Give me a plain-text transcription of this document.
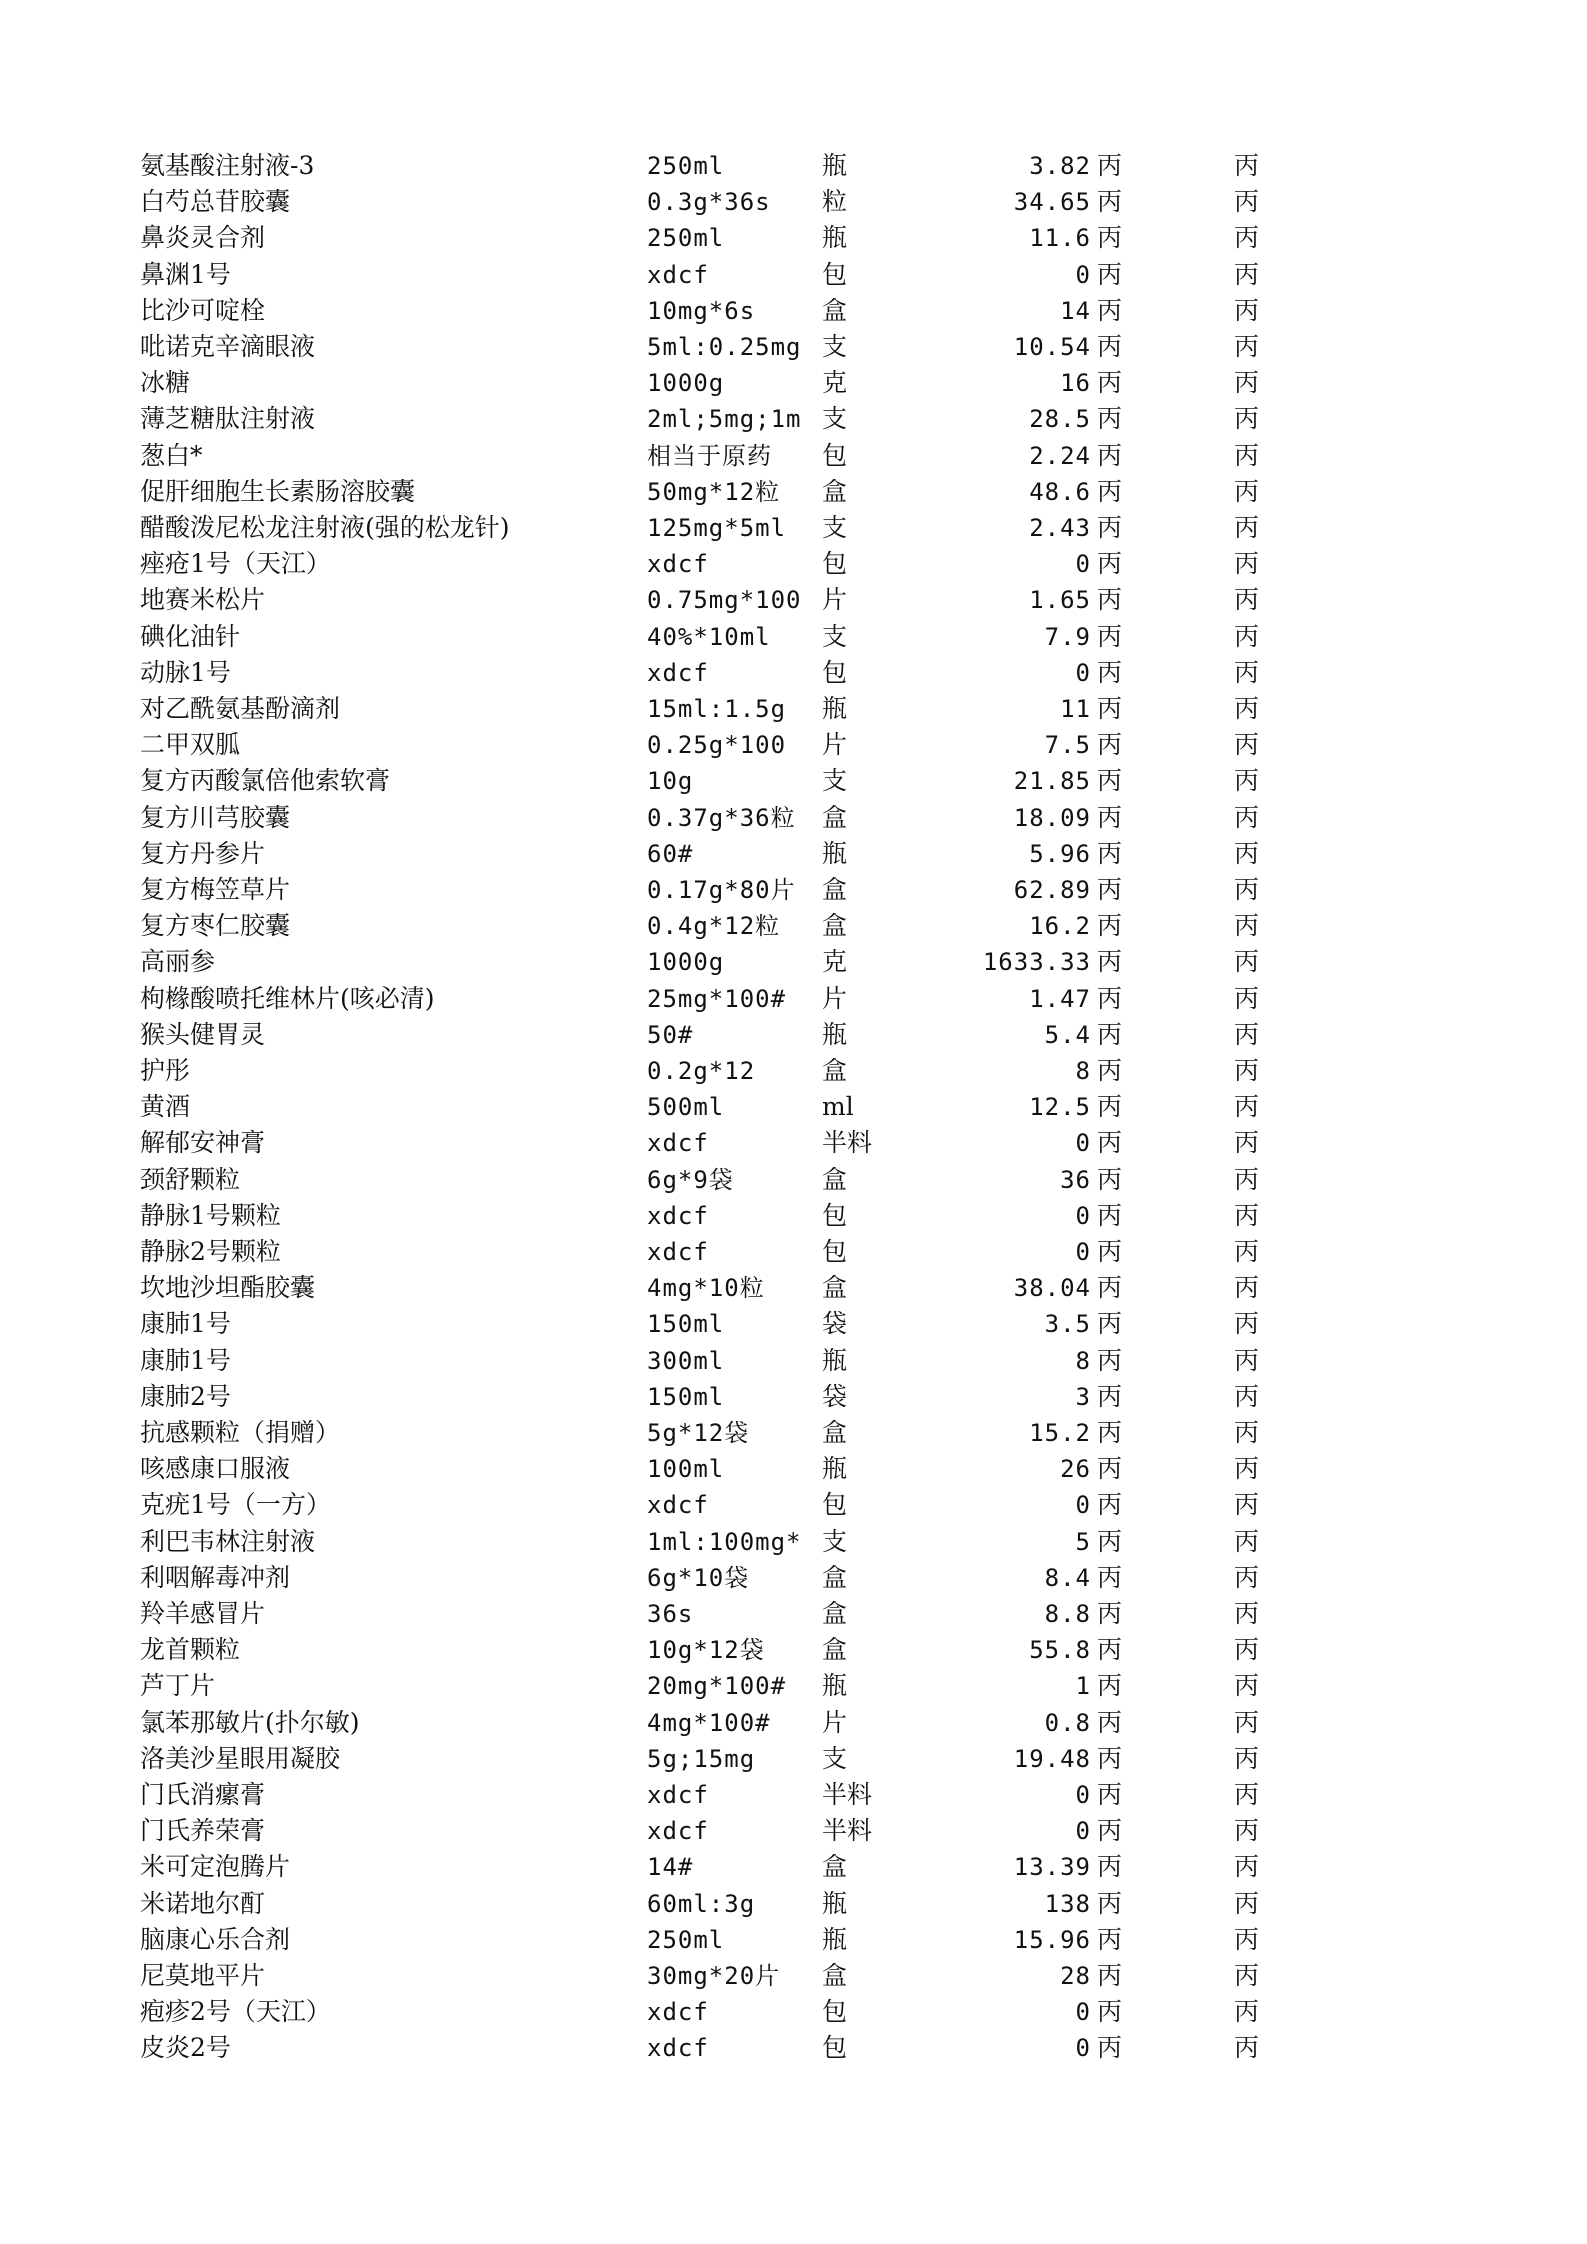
氨基酸注射液-3	250ml	瓶	3.82 丙	丙
白芍总苷胶囊	0.3g*36s 粒	34.65 丙	丙
鼻炎灵合剂	250ml	瓶	11.6 丙	丙
鼻渊1号	xdcf	包	0 丙	丙
比沙可啶栓	10mg*6s	盒	14 丙	丙
吡诺克辛滴眼液	5ml:0.25mg 支	10.54 丙	丙
冰糖	1000g	克	16 丙	丙
薄芝糖肽注射液	2ml;5mg;1m 支	28.5 丙	丙
葱白*	相当于原药 包	2.24 丙	丙
促肝细胞生长素肠溶胶囊	50mg*12粒 盒	48.6 丙	丙
醋酸泼尼松龙注射液(强的松龙针)	125mg*5ml 支	2.43 丙	丙
痤疮1号（天江）	xdcf	包	0 丙	丙
地赛米松片	0.75mg*100 片	1.65 丙	丙
碘化油针	40%*10ml 支	7.9 丙	丙
动脉1号	xdcf	包	0 丙	丙
对乙酰氨基酚滴剂	15ml:1.5g 瓶	11 丙	丙
二甲双胍	0.25g*100 片	7.5 丙	丙
复方丙酸氯倍他索软膏	10g	支	21.85 丙	丙
复方川芎胶囊	0.37g*36粒 盒	18.09 丙	丙
复方丹参片	60#	瓶	5.96 丙	丙
复方梅笠草片	0.17g*80片 盒	62.89 丙	丙
复方枣仁胶囊	0.4g*12粒 盒	16.2 丙	丙
高丽参	1000g	克	1633.33 丙	丙
枸橼酸喷托维林片(咳必清)	25mg*100# 片	1.47 丙	丙
猴头健胃灵	50#	瓶	5.4 丙	丙
护彤	0.2g*12	盒	8 丙	丙
黄酒	500ml	ml	12.5 丙	丙
解郁安神膏	xdcf	半料	0 丙	丙
颈舒颗粒	6g*9袋	盒	36 丙	丙
静脉1号颗粒	xdcf	包	0 丙	丙
静脉2号颗粒	xdcf	包	0 丙	丙
坎地沙坦酯胶囊	4mg*10粒 盒	38.04 丙	丙
康肺1号	150ml	袋	3.5 丙	丙
康肺1号	300ml	瓶	8 丙	丙
康肺2号	150ml	袋	3 丙	丙
抗感颗粒（捐赠）	5g*12袋	盒	15.2 丙	丙
咳感康口服液	100ml	瓶	26 丙	丙
克疣1号（一方）	xdcf	包	0 丙	丙
利巴韦林注射液	1ml:100mg* 支	5 丙	丙
利咽解毒冲剂	6g*10袋	盒	8.4 丙	丙
羚羊感冒片	36s	盒	8.8 丙	丙
龙首颗粒	10g*12袋 盒	55.8 丙	丙
芦丁片	20mg*100# 瓶	1 丙	丙
氯苯那敏片(扑尔敏)	4mg*100# 片	0.8 丙	丙
洛美沙星眼用凝胶	5g;15mg	支	19.48 丙	丙
门氏消瘰膏	xdcf	半料	0 丙	丙
门氏养荣膏	xdcf	半料	0 丙	丙
米可定泡腾片	14#	盒	13.39 丙	丙
米诺地尔酊	60ml:3g	瓶	138 丙	丙
脑康心乐合剂	250ml	瓶	15.96 丙	丙
尼莫地平片	30mg*20片 盒	28 丙	丙
疱疹2号（天江）	xdcf	包	0 丙	丙
皮炎2号	xdcf	包	0 丙	丙
